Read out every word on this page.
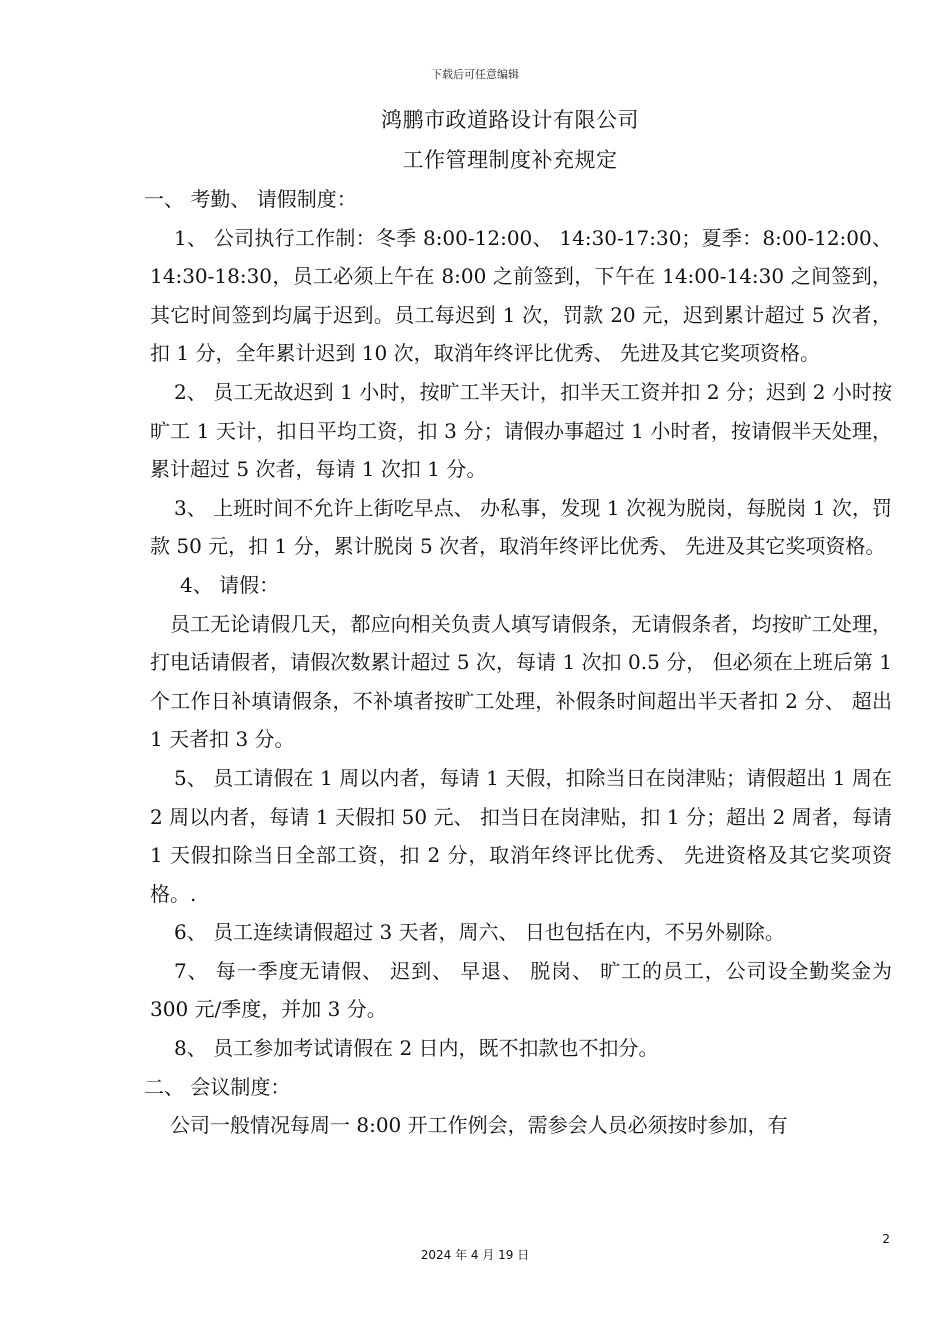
下载后可任意编辑
鸿鹏市政道路设计有限公司
工作管理制度补充规定

一、 考勤、 请假制度：

1、 公司执行工作制：冬季 8:00-12:00、 14:30-17:30；夏季：8:00-12:00、 14:30-18:30，员工必须上午在 8:00 之前签到，下午在 14:00-14:30 之间签到，其它时间签到均属于迟到。员工每迟到 1 次，罚款 20 元，迟到累计超过 5 次者，扣 1 分，全年累计迟到 10 次，取消年终评比优秀、 先进及其它奖项资格。

2、 员工无故迟到 1 小时，按旷工半天计，扣半天工资并扣 2 分；迟到 2 小时按旷工 1 天计，扣日平均工资，扣 3 分；请假办事超过 1 小时者，按请假半天处理，累计超过 5 次者，每请 1 次扣 1 分。

3、 上班时间不允许上街吃早点、 办私事，发现 1 次视为脱岗，每脱岗 1 次，罚款 50 元，扣 1 分，累计脱岗 5 次者，取消年终评比优秀、 先进及其它奖项资格。

4、 请假：

员工无论请假几天，都应向相关负责人填写请假条，无请假条者，均按旷工处理，打电话请假者，请假次数累计超过 5 次，每请 1 次扣 0.5 分， 但必须在上班后第 1 个工作日补填请假条，不补填者按旷工处理，补假条时间超出半天者扣 2 分、 超出 1 天者扣 3 分。

5、 员工请假在 1 周以内者，每请 1 天假，扣除当日在岗津贴；请假超出 1 周在 2 周以内者，每请 1 天假扣 50 元、 扣当日在岗津贴，扣 1 分；超出 2 周者，每请 1 天假扣除当日全部工资，扣 2 分，取消年终评比优秀、 先进资格及其它奖项资格。.

6、 员工连续请假超过 3 天者，周六、 日也包括在内，不另外剔除。

7、 每一季度无请假、 迟到、 早退、 脱岗、 旷工的员工，公司设全勤奖金为 300 元/季度，并加 3 分。

8、 员工参加考试请假在 2 日内，既不扣款也不扣分。

二、 会议制度：

公司一般情况每周一 8:00 开工作例会，需参会人员必须按时参加，有

2
2024 年 4 月 19 日
